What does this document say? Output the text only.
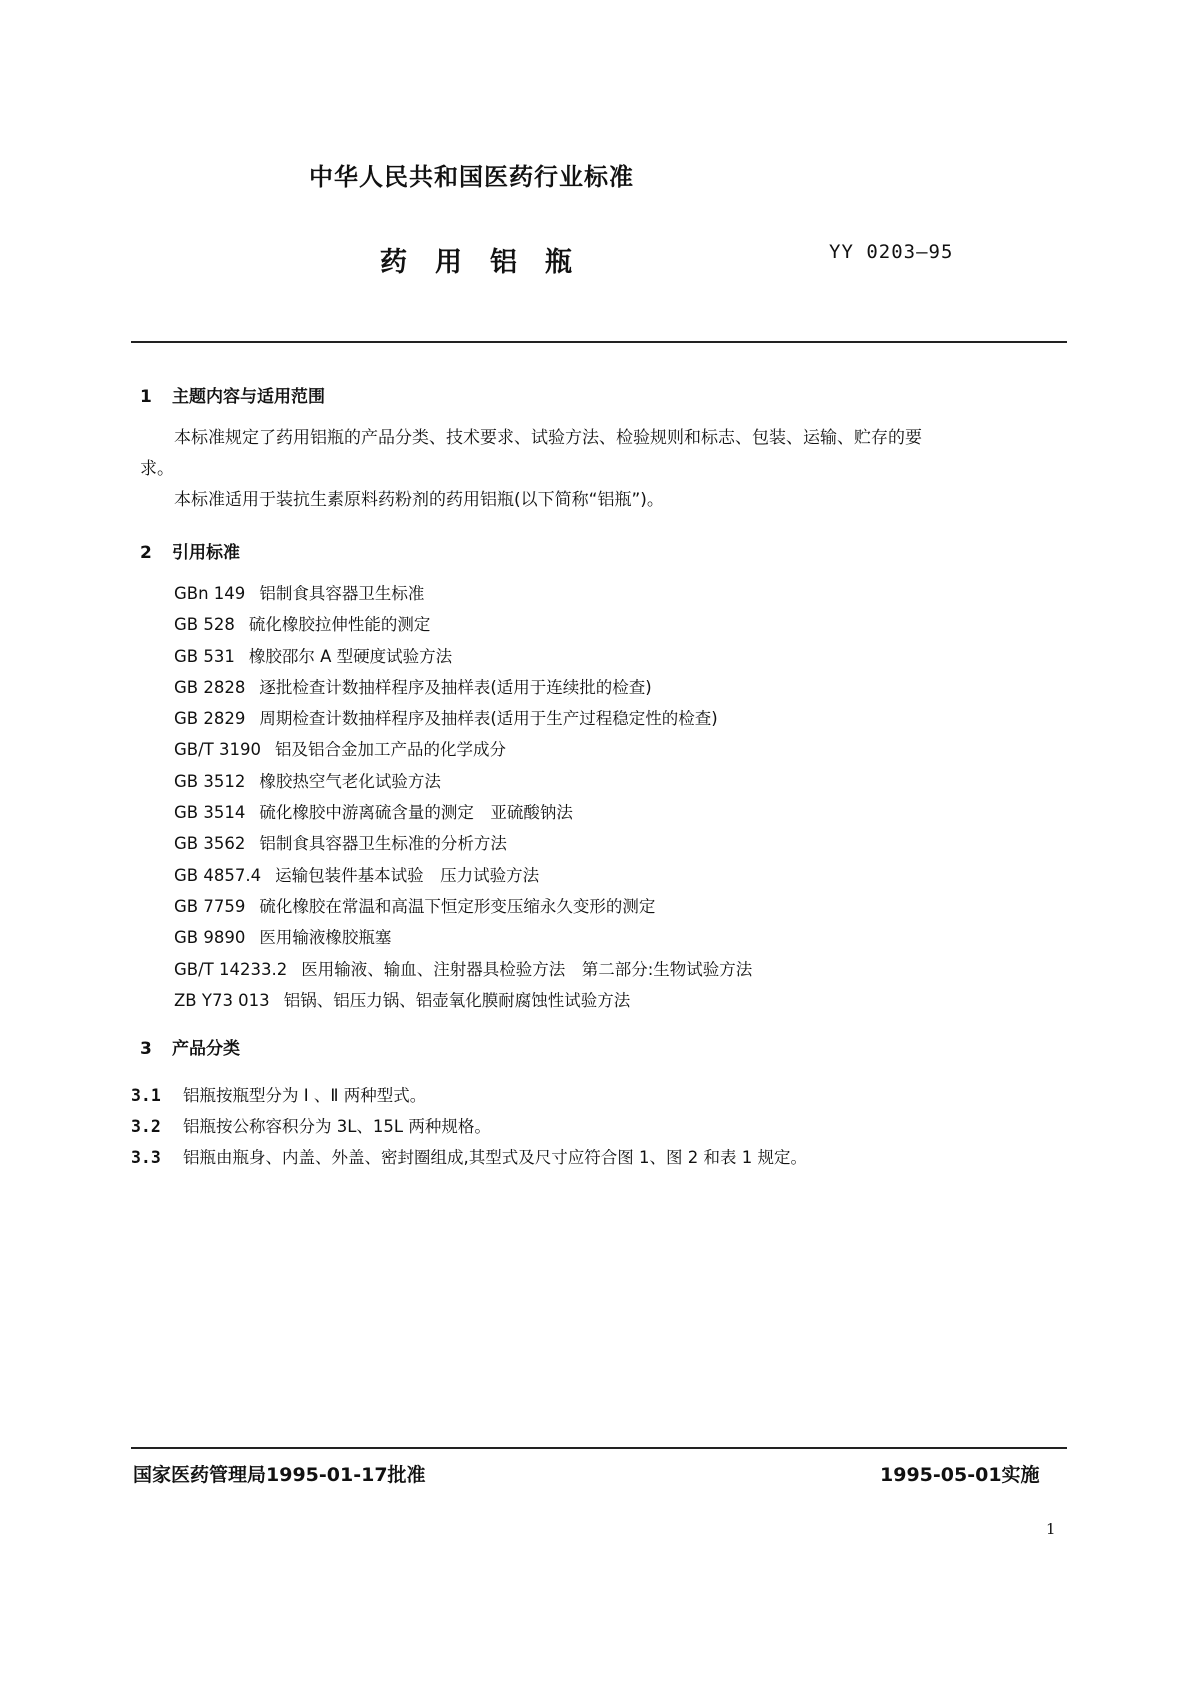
中华人民共和国医药行业标准
药用铝瓶	YY 0203—95
1 主题内容与适用范围
本标准规定了药用铝瓶的产品分类、技术要求、试验方法、检验规则和标志、包装、运输、贮存的要
求。
本标准适用于装抗生素原料药粉剂的药用铝瓶(以下简称“铝瓶”)。
2 引用标准
GBn 149 铝制食具容器卫生标准
GB 528 硫化橡胶拉伸性能的测定
GB 531 橡胶邵尔 A 型硬度试验方法
GB 2828 逐批检查计数抽样程序及抽样表(适用于连续批的检查)
GB 2829 周期检查计数抽样程序及抽样表(适用于生产过程稳定性的检查)
GB/T 3190 铝及铝合金加工产品的化学成分
GB 3512 橡胶热空气老化试验方法
GB 3514 硫化橡胶中游离硫含量的测定　亚硫酸钠法
GB 3562 铝制食具容器卫生标准的分析方法
GB 4857.4 运输包装件基本试验　压力试验方法
GB 7759 硫化橡胶在常温和高温下恒定形变压缩永久变形的测定
GB 9890 医用输液橡胶瓶塞
GB/T 14233.2 医用输液、输血、注射器具检验方法　第二部分:生物试验方法
ZB Y73 013 铝锅、铝压力锅、铝壶氧化膜耐腐蚀性试验方法
3 产品分类
3.1 铝瓶按瓶型分为 Ⅰ 、Ⅱ 两种型式。
3.2 铝瓶按公称容积分为 3L、15L 两种规格。
3.3 铝瓶由瓶身、内盖、外盖、密封圈组成,其型式及尺寸应符合图 1、图 2 和表 1 规定。
国家医药管理局1995-01-17批准	1995-05-01实施
1
